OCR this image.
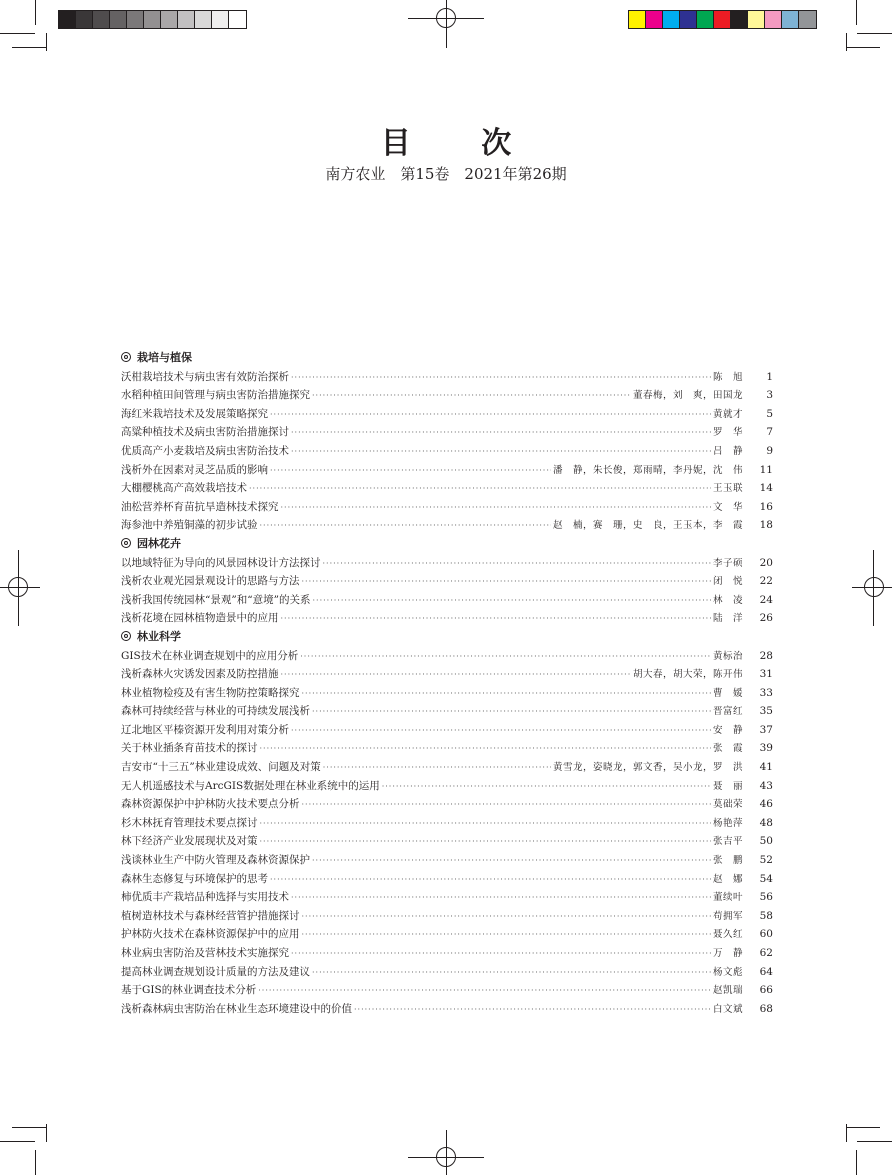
目 次
南方农业　第15卷　2021年第26期
栽培与植保
沃柑栽培技术与病虫害有效防治探析 ·····	陈　旭	1
水稻种植田间管理与病虫害防治措施探究 ·····	董春梅，刘　爽，田国龙	3
海红米栽培技术及发展策略探究 ·····	黄就才	5
高粱种植技术及病虫害防治措施探讨 ·····	罗　华	7
优质高产小麦栽培及病虫害防治技术 ·····	吕　静	9
浅析外在因素对灵芝品质的影响 ·····	潘　静，朱长俊，郑雨晴，李丹妮，沈　伟	11
大棚樱桃高产高效栽培技术 ·····	王玉联	14
油松营养杯育苗抗旱造林技术探究 ·····	文　华	16
海参池中养殖铜藻的初步试验 ·····	赵　楠，赛　珊，史　良，王玉本，李　霞	18
园林花卉
以地域特征为导向的风景园林设计方法探讨 ·····	李子硕	20
浅析农业观光园景观设计的思路与方法 ·····	闭　悦	22
浅析我国传统园林“景观”和“意境”的关系 ·····	林　凌	24
浅析花境在园林植物造景中的应用 ·····	陆　洋	26
林业科学
GIS技术在林业调查规划中的应用分析 ·····	黄标治	28
浅析森林火灾诱发因素及防控措施 ·····	胡大春，胡大荣，陈开伟	31
林业植物检疫及有害生物防控策略探究 ·····	曹　媛	33
森林可持续经营与林业的可持续发展浅析 ·····	晋富红	35
辽北地区平榛资源开发利用对策分析 ·····	安　静	37
关于林业插条育苗技术的探讨 ·····	张　霞	39
吉安市“十三五”林业建设成效、问题及对策 ·····	黄雪龙，姿晓龙，郭文香，吴小龙，罗　洪	41
无人机遥感技术与ArcGIS数据处理在林业系统中的运用 ·····	聂　丽	43
森林资源保护中护林防火技术要点分析 ·····	莫础荣	46
杉木林抚育管理技术要点探讨 ·····	杨艳萍	48
林下经济产业发展现状及对策 ·····	张吉平	50
浅谈林业生产中防火管理及森林资源保护 ·····	张　鹏	52
森林生态修复与环境保护的思考 ·····	赵　娜	54
柿优质丰产栽培品种选择与实用技术 ·····	董续叶	56
植树造林技术与森林经营管护措施探讨 ·····	苟拥军	58
护林防火技术在森林资源保护中的应用 ·····	聂久红	60
林业病虫害防治及营林技术实施探究 ·····	万　静	62
提高林业调查规划设计质量的方法及建议 ·····	杨文彪	64
基于GIS的林业调查技术分析 ·····	赵凯瑞	66
浅析森林病虫害防治在林业生态环境建设中的价值 ·····	白文斌	68
